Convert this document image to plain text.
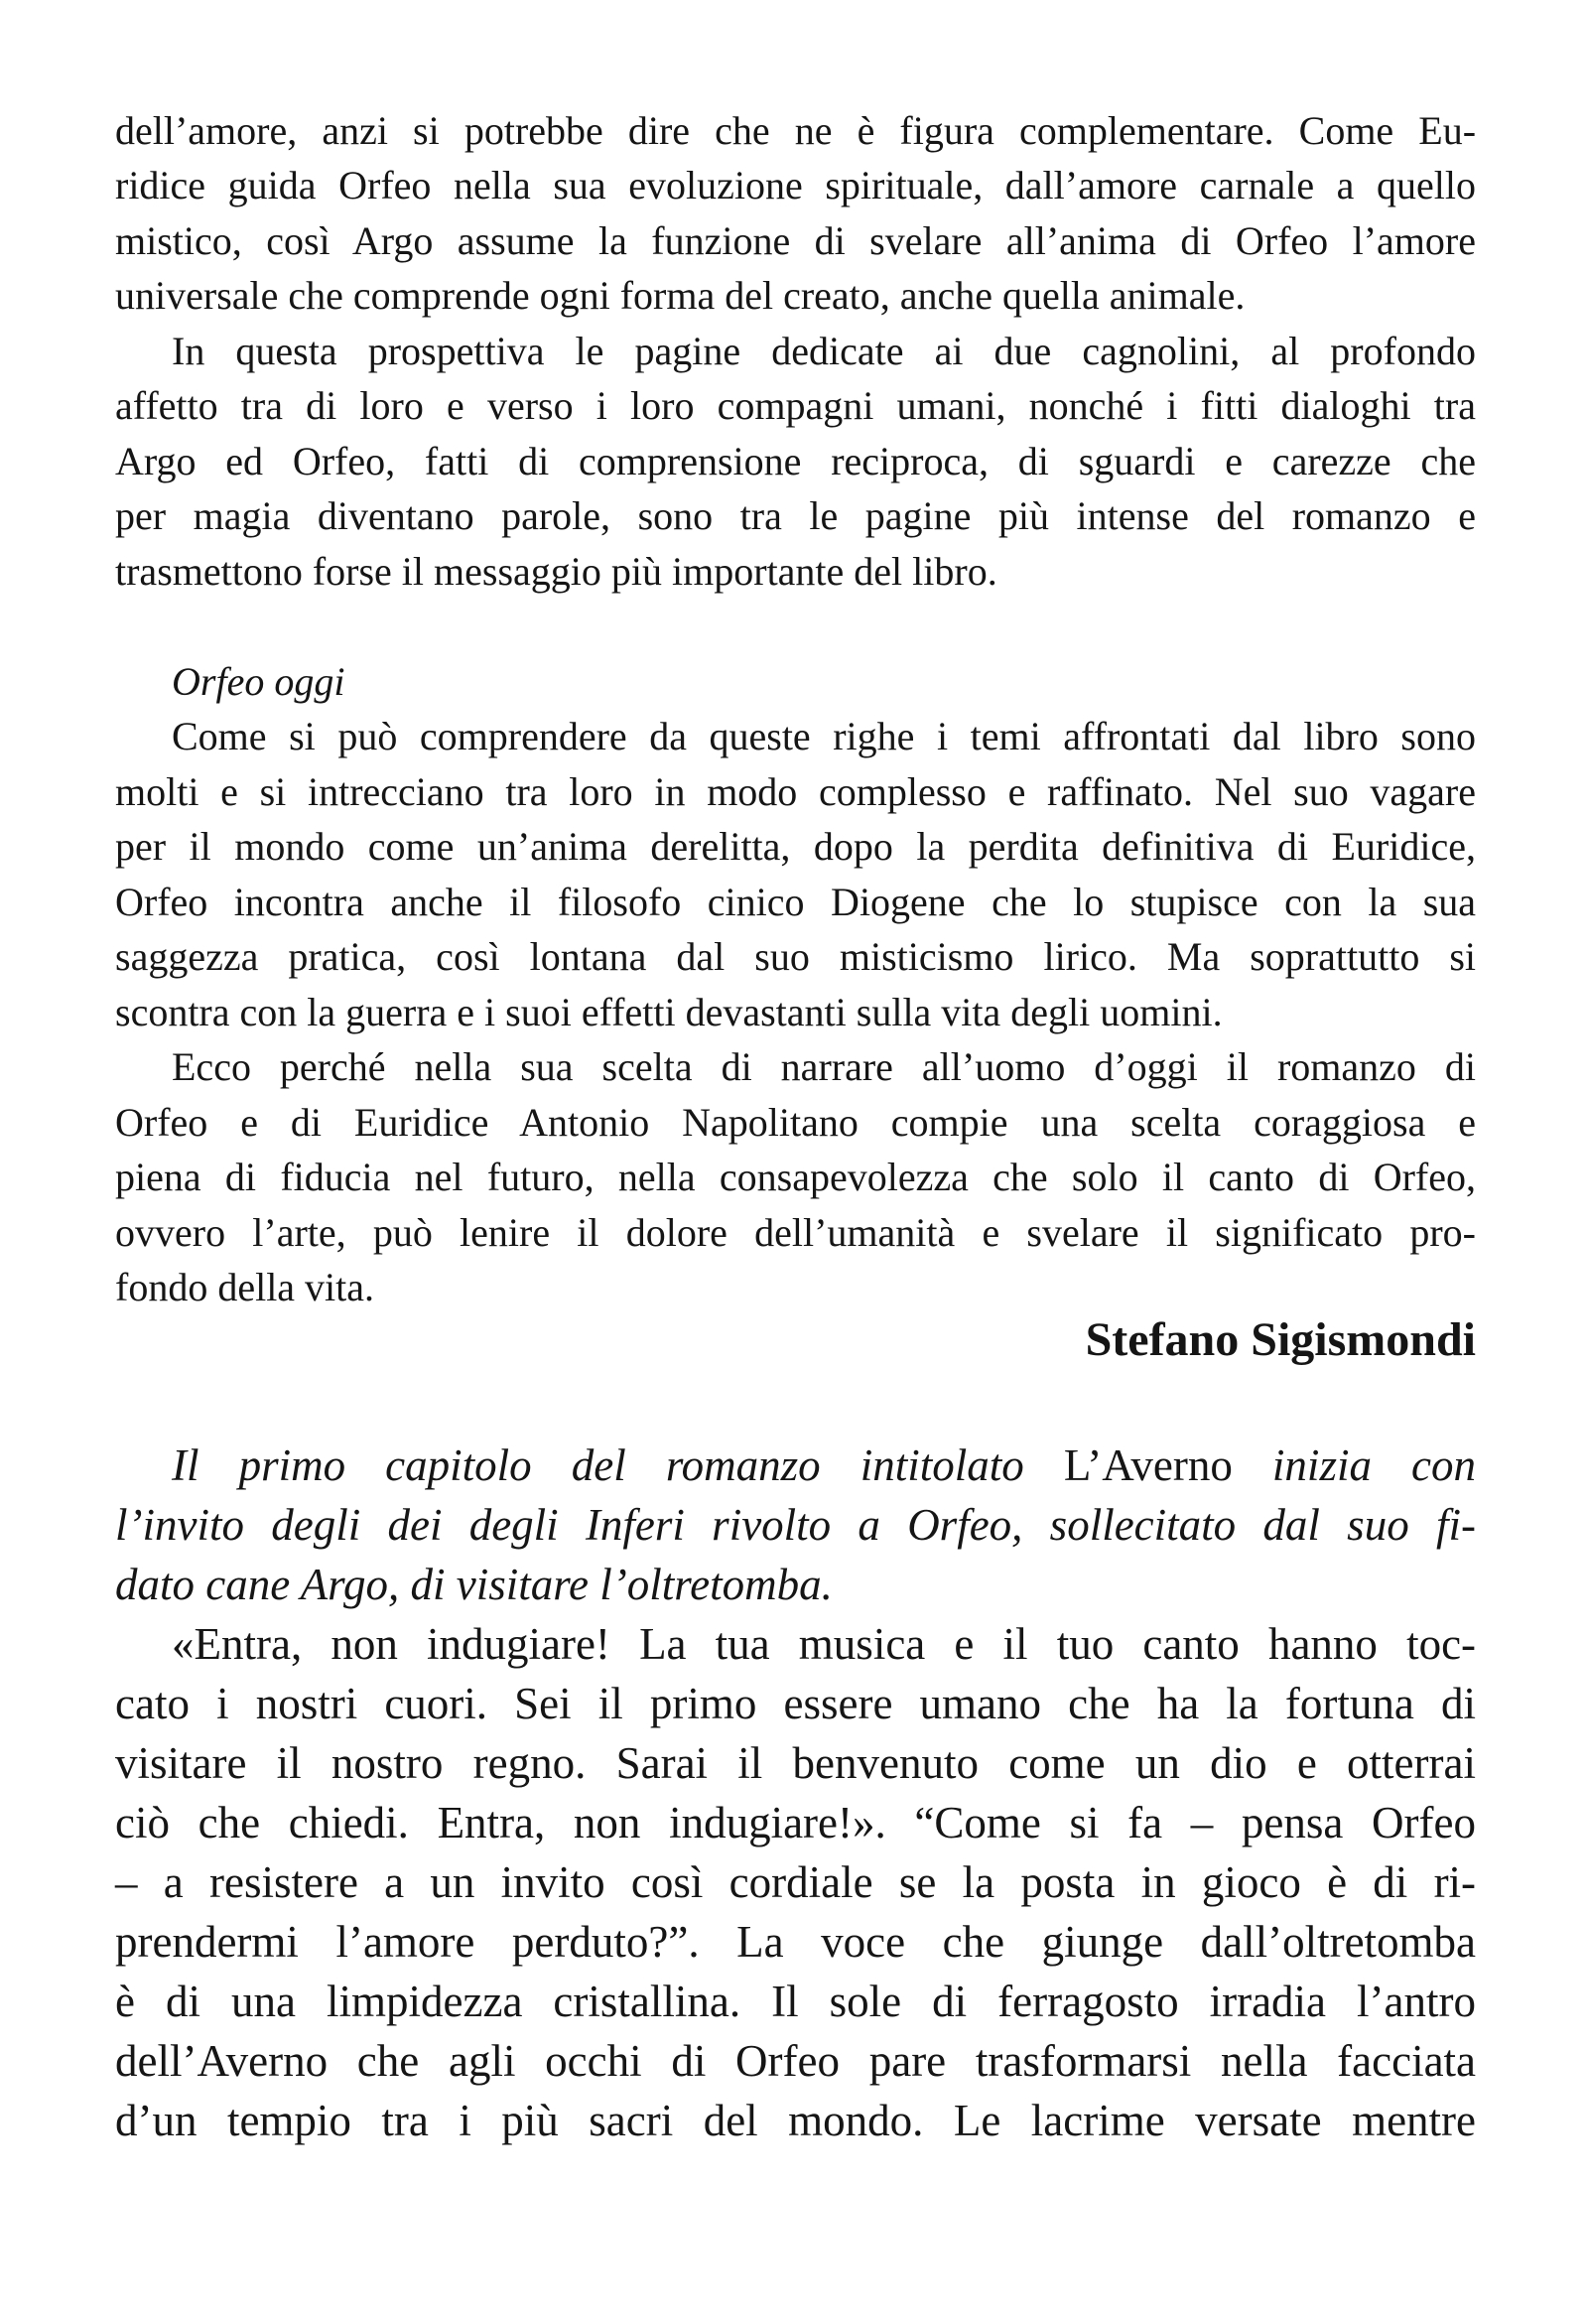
dell’amore, anzi si potrebbe dire che ne è figura complementare. Come Eu-
ridice guida Orfeo nella sua evoluzione spirituale, dall’amore carnale a quello
mistico, così Argo assume la funzione di svelare all’anima di Orfeo l’amore
universale che comprende ogni forma del creato, anche quella animale.
In questa prospettiva le pagine dedicate ai due cagnolini, al profondo
affetto tra di loro e verso i loro compagni umani, nonché i fitti dialoghi tra
Argo ed Orfeo, fatti di comprensione reciproca, di sguardi e carezze che
per magia diventano parole, sono tra le pagine più intense del romanzo e
trasmettono forse il messaggio più importante del libro.
Orfeo oggi
Come si può comprendere da queste righe i temi affrontati dal libro sono
molti e si intrecciano tra loro in modo complesso e raffinato. Nel suo vagare
per il mondo come un’anima derelitta, dopo la perdita definitiva di Euridice,
Orfeo incontra anche il filosofo cinico Diogene che lo stupisce con la sua
saggezza pratica, così lontana dal suo misticismo lirico. Ma soprattutto si
scontra con la guerra e i suoi effetti devastanti sulla vita degli uomini.
Ecco perché nella sua scelta di narrare all’uomo d’oggi il romanzo di
Orfeo e di Euridice Antonio Napolitano compie una scelta coraggiosa e
piena di fiducia nel futuro, nella consapevolezza che solo il canto di Orfeo,
ovvero l’arte, può lenire il dolore dell’umanità e svelare il significato pro-
fondo della vita.
Stefano Sigismondi
Il primo capitolo del romanzo intitolato L’Averno inizia con
l’invito degli dei degli Inferi rivolto a Orfeo, sollecitato dal suo fi-
dato cane Argo, di visitare l’oltretomba.
«Entra, non indugiare! La tua musica e il tuo canto hanno toc-
cato i nostri cuori. Sei il primo essere umano che ha la fortuna di
visitare il nostro regno. Sarai il benvenuto come un dio e otterrai
ciò che chiedi. Entra, non indugiare!». “Come si fa – pensa Orfeo
– a resistere a un invito così cordiale se la posta in gioco è di ri-
prendermi l’amore perduto?”. La voce che giunge dall’oltretomba
è di una limpidezza cristallina. Il sole di ferragosto irradia l’antro
dell’Averno che agli occhi di Orfeo pare trasformarsi nella facciata
d’un tempio tra i più sacri del mondo. Le lacrime versate mentre
